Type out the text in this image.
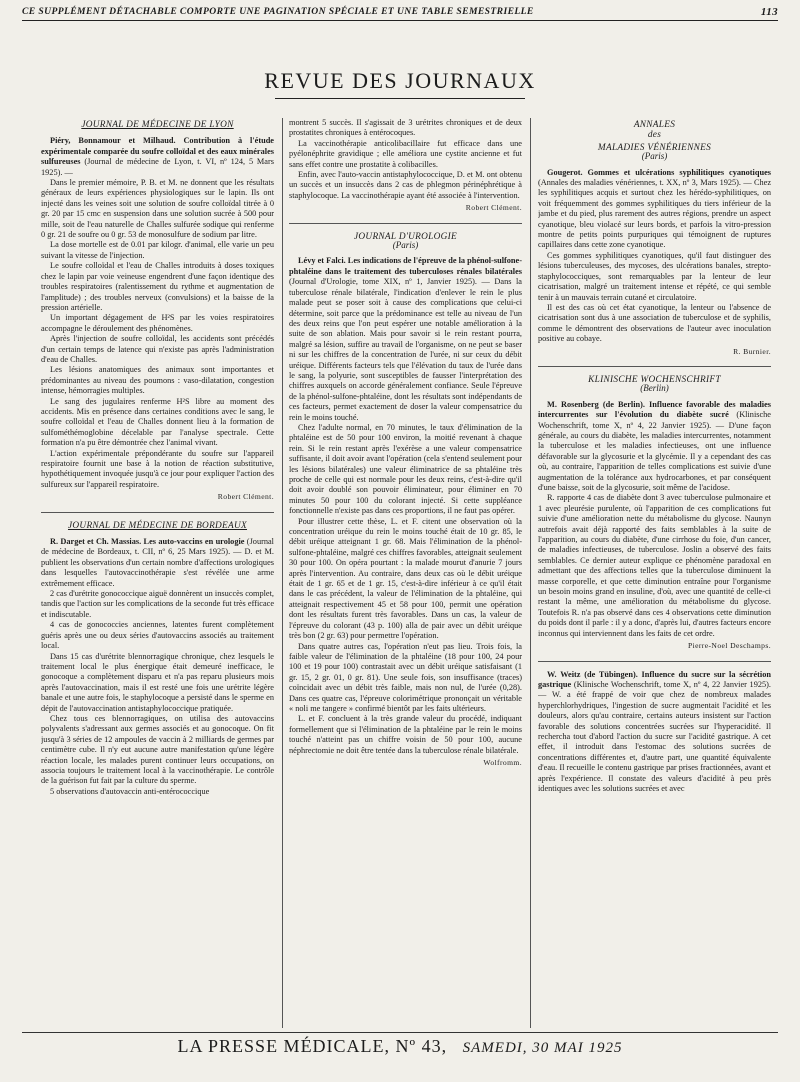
CE SUPPLÉMENT DÉTACHABLE COMPORTE UNE PAGINATION SPÉCIALE ET UNE TABLE SEMESTRIELLE	113
REVUE DES JOURNAUX
JOURNAL DE MÉDECINE DE LYON

Piéry, Bonnamour et Milhaud. Contribution à l'étude expérimentale comparée du soufre colloïdal et des eaux minérales sulfureuses (Journal de médecine de Lyon, t. VI, nº 124, 5 Mars 1925). —

Dans le premier mémoire, P. B. et M. ne donnent que les résultats généraux de leurs expériences physiologiques sur le lapin. Ils ont injecté dans les veines soit une solution de soufre colloïdal titrée à 0 gr. 20 par 15 cmc en suspension dans une solution sucrée à 500 pour mille, soit de l'eau naturelle de Challes sulfurée sodique qui renferme 0 gr. 21 de soufre ou 0 gr. 53 de monosulfure de sodium par litre.

La dose mortelle est de 0.01 par kilogr. d'animal, elle varie un peu suivant la vitesse de l'injection.

Le soufre colloïdal et l'eau de Challes introduits à doses toxiques chez le lapin par voie veineuse engendrent d'une façon identique des troubles respiratoires (ralentissement du rythme et augmentation de l'amplitude) ; des troubles nerveux (convulsions) et la baisse de la pression artérielle.

Un important dégagement de H²S par les voies respiratoires accompagne le déroulement des phénomènes.

Après l'injection de soufre colloïdal, les accidents sont précédés d'un certain temps de latence qui n'existe pas après l'administration d'eau de Challes.

Les lésions anatomiques des animaux sont importantes et prédominantes au niveau des poumons : vaso-dilatation, congestion intense, hémorragies multiples.

Le sang des jugulaires renferme H²S libre au moment des accidents. Mis en présence dans certaines conditions avec le sang, le soufre colloïdal et l'eau de Challes donnent lieu à la formation de sulfométhémoglobine décelable par l'analyse spectrale. Cette formation n'a pu être démontrée chez l'animal vivant.

L'action expérimentale prépondérante du soufre sur l'appareil respiratoire fournit une base à la notion de réaction substitutive, hypothétiquement invoquée jusqu'à ce jour pour expliquer l'action des sulfureux sur l'appareil respiratoire.

Robert Clément.
JOURNAL DE MÉDECINE DE BORDEAUX

R. Darget et Ch. Massias. Les auto-vaccins en urologie (Journal de médecine de Bordeaux, t. CII, nº 6, 25 Mars 1925). — D. et M. publient les observations d'un certain nombre d'affections urologiques dans lesquelles l'autovaccinothérapie s'est révélée une arme extrêmement efficace.

2 cas d'urétrite gonococcique aiguë donnèrent un insuccès complet, tandis que l'action sur les complications de la seconde fut très efficace et indiscutable.

4 cas de gonococcies anciennes, latentes furent complètement guéris après une ou deux séries d'autovaccins associés au traitement local.

Dans 15 cas d'urétrite blennorragique chronique, chez lesquels le traitement local le plus énergique était demeuré inefficace, le gonocoque a complètement disparu et n'a pas reparu plusieurs mois après l'autovaccination, mais il est resté une fois une urétrite légère banale et une autre fois, le staphylocoque a persisté dans le sperme en dépit de l'autovaccination antistaphylococcique pratiquée.

Chez tous ces blennorragiques, on utilisa des autovaccins polyvalents s'adressant aux germes associés et au gonocoque. On fit jusqu'à 3 séries de 12 ampoules de vaccin à 2 milliards de germes par centimètre cube. Il n'y eut aucune autre manifestation qu'une légère réaction locale, les malades purent continuer leurs occupations, on associa toujours le traitement local à la vaccinothérapie. Le contrôle de la guérison fut fait par la culture du sperme.

5 observations d'autovaccin anti-entérococcique

montrent 5 succès. Il s'agissait de 3 urétrites chroniques et de deux prostatites chroniques à entérocoques.

La vaccinothérapie anticolibacillaire fut efficace dans une pyélonéphrite gravidique ; elle améliora une cystite ancienne et fut sans effet contre une prostatite à colibacilles.

Enfin, avec l'auto-vaccin antistaphylococcique, D. et M. ont obtenu un succès et un insuccès dans 2 cas de phlegmon périnéphrétique à staphylocoque. La vaccinothérapie ayant été associée à l'intervention.

Robert Clément.
JOURNAL D'UROLOGIE
(Paris)

Lévy et Falci. Les indications de l'épreuve de la phénol-sulfone-phtaléine dans le traitement des tuberculoses rénales bilatérales (Journal d'Urologie, tome XIX, nº 1, Janvier 1925). — Dans la tuberculose rénale bilatérale, l'indication d'enlever le rein le plus malade peut se poser soit à cause des complications que celui-ci détermine, soit parce que la prédominance est telle au niveau de l'un des deux reins que l'on peut espérer une notable amélioration à la suite de son ablation. Mais pour savoir si le rein restant pourra, malgré sa lésion, suffire au travail de l'organisme, on ne peut se baser ni sur les chiffres de la concentration de l'urée, ni sur ceux du débit uréique. Différents facteurs tels que l'élévation du taux de l'urée dans le sang, la polyurie, sont susceptibles de fausser l'interprétation des chiffres auxquels on accorde généralement confiance. Seule l'épreuve de la phénol-sulfone-phtaléine, dont les résultats sont indépendants de ces facteurs, permet exactement de doser la valeur compensatrice du rein le moins touché.

Chez l'adulte normal, en 70 minutes, le taux d'élimination de la phtaléine est de 50 pour 100 environ, la moitié revenant à chaque rein. Si le rein restant après l'exérèse a une valeur compensatrice suffisante, il doit avoir avant l'opération (cela s'entend seulement pour les lésions bilatérales) une valeur éliminatrice de sa phtaléine très proche de celle qui est normale pour les deux reins, c'est-à-dire qu'il doit avoir doublé son pouvoir éliminateur, pour éliminer en 70 minutes 50 pour 100 du colorant injecté. Si cette suppléance fonctionnelle n'existe pas dans ces proportions, il ne faut pas opérer.

Pour illustrer cette thèse, L. et F. citent une observation où la concentration uréique du rein le moins touché était de 10 gr. 85, le débit uréique atteignant 1 gr. 68. Mais l'élimination de la phénol-sulfone-phtaléine, malgré ces chiffres favorables, atteignait seulement 30 pour 100. On opéra pourtant : la malade mourut d'anurie 7 jours après l'intervention. Au contraire, dans deux cas où le débit uréique était de 1 gr. 65 et de 1 gr. 15, c'est-à-dire inférieur à ce qu'il était dans le cas précédent, la valeur de l'élimination de la phtaléine, qui atteignait respectivement 45 et 58 pour 100, permit une opération dont les résultats furent très favorables. Dans un cas, la valeur de l'épreuve du colorant (43 p. 100) alla de pair avec un débit uréique très bon (2 gr. 63) pour permettre l'opération.

Dans quatre autres cas, l'opération n'eut pas lieu. Trois fois, la faible valeur de l'élimination de la phtaléine (18 pour 100, 24 pour 100 et 19 pour 100) contrastait avec un débit uréique satisfaisant (1 gr. 15, 2 gr. 01, 0 gr. 81). Une seule fois, son insuffisance (traces) coïncidait avec un débit très faible, mais non nul, de l'urée (0,28). Dans ces quatre cas, l'épreuve colorimétrique prononçait un véritable « noli me tangere » confirmé bientôt par les faits ultérieurs.

L. et F. concluent à la très grande valeur du procédé, indiquant formellement que si l'élimination de la phtaléine par le rein le moins touché n'atteint pas un chiffre voisin de 50 pour 100, aucune néphrectomie ne doit être tentée dans la tuberculose rénale bilatérale.

Wolfromm.
ANNALES
des
MALADIES VÉNÉRIENNES
(Paris)

Gougerot. Gommes et ulcérations syphilitiques cyanotiques (Annales des maladies vénériennes, t. XX, nº 3, Mars 1925). — Chez les syphilitiques acquis et surtout chez les hérédo-syphilitiques, on voit fréquemment des gommes syphilitiques du tiers inférieur de la jambe et du pied, plus rarement des autres régions, prendre un aspect cyanotique, bleu violacé sur leurs bords, et parfois la vitro-pression montre de petits points purpuriques qui témoignent de ruptures capillaires dans cette zone cyanotique.

Ces gommes syphilitiques cyanotiques, qu'il faut distinguer des lésions tuberculeuses, des mycoses, des ulcérations banales, strepto-staphylococciques, sont remarquables par la lenteur de leur cicatrisation, malgré un traitement intense et répété, ce qui semble tenir à un mauvais terrain cutané et circulatoire.

Il est des cas où cet état cyanotique, la lenteur ou l'absence de cicatrisation sont dus à une association de tuberculose et de syphilis, comme le démontrent des observations de l'auteur avec inoculation positive au cobaye.

R. Burnier.
KLINISCHE WOCHENSCHRIFT
(Berlin)

M. Rosenberg (de Berlin). Influence favorable des maladies intercurrentes sur l'évolution du diabète sucré (Klinische Wochenschrift, tome X, nº 4, 22 Janvier 1925). — D'une façon générale, au cours du diabète, les maladies intercurrentes, notamment la tuberculose et les maladies infectieuses, ont une influence défavorable sur la glycosurie et la glycémie. Il y a cependant des cas où, au contraire, l'apparition de telles complications est suivie d'une augmentation de la tolérance aux hydrocarbones, et par conséquent d'une baisse, soit de la glycosurie, soit même de l'acidose.

R. rapporte 4 cas de diabète dont 3 avec tuberculose pulmonaire et 1 avec pleurésie purulente, où l'apparition de ces complications fut suivie d'une amélioration nette du métabolisme du glycose. Naunyn autrefois avait déjà rapporté des faits semblables à la suite de l'apparition, au cours du diabète, d'une cirrhose du foie, d'un cancer, de maladies infectieuses, de tuberculose. Joslin a observé des faits semblables. Ce dernier auteur explique ce phénomène paradoxal en admettant que des affections telles que la tuberculose diminuent la masse corporelle, et que cette diminution entraîne pour l'organisme un besoin moins grand en insuline, d'où, avec une quantité de celle-ci restant la même, une amélioration du métabolisme du glycose. Toutefois R. n'a pas observé dans ces 4 observations cette diminution du poids dont il parle : il y a donc, d'après lui, d'autres facteurs encore inconnus qui interviennent dans les faits de cet ordre.

Pierre-Noel Deschamps.

W. Weitz (de Tübingen). Influence du sucre sur la sécrétion gastrique (Klinische Wochenschrift, tome X, nº 4, 22 Janvier 1925). — W. a été frappé de voir que chez de nombreux malades hyperchlorhydriques, l'ingestion de sucre augmentait l'acidité et les douleurs, alors qu'au contraire, certains auteurs insistent sur l'action favorable des solutions concentrées sucrées sur l'hyperacidité. Il rechercha tout d'abord l'action du sucre sur l'acidité gastrique. A cet effet, il introduit dans l'estomac des solutions sucrées de concentrations différentes et, d'autre part, une quantité équivalente d'eau. Il recueille le contenu gastrique par prises fractionnées, avant et après l'expérience. Il constate des valeurs d'acidité à peu près identiques avec les solutions sucrées et avec

LA PRESSE MÉDICALE, Nº 43, SAMEDI, 30 MAI 1925
